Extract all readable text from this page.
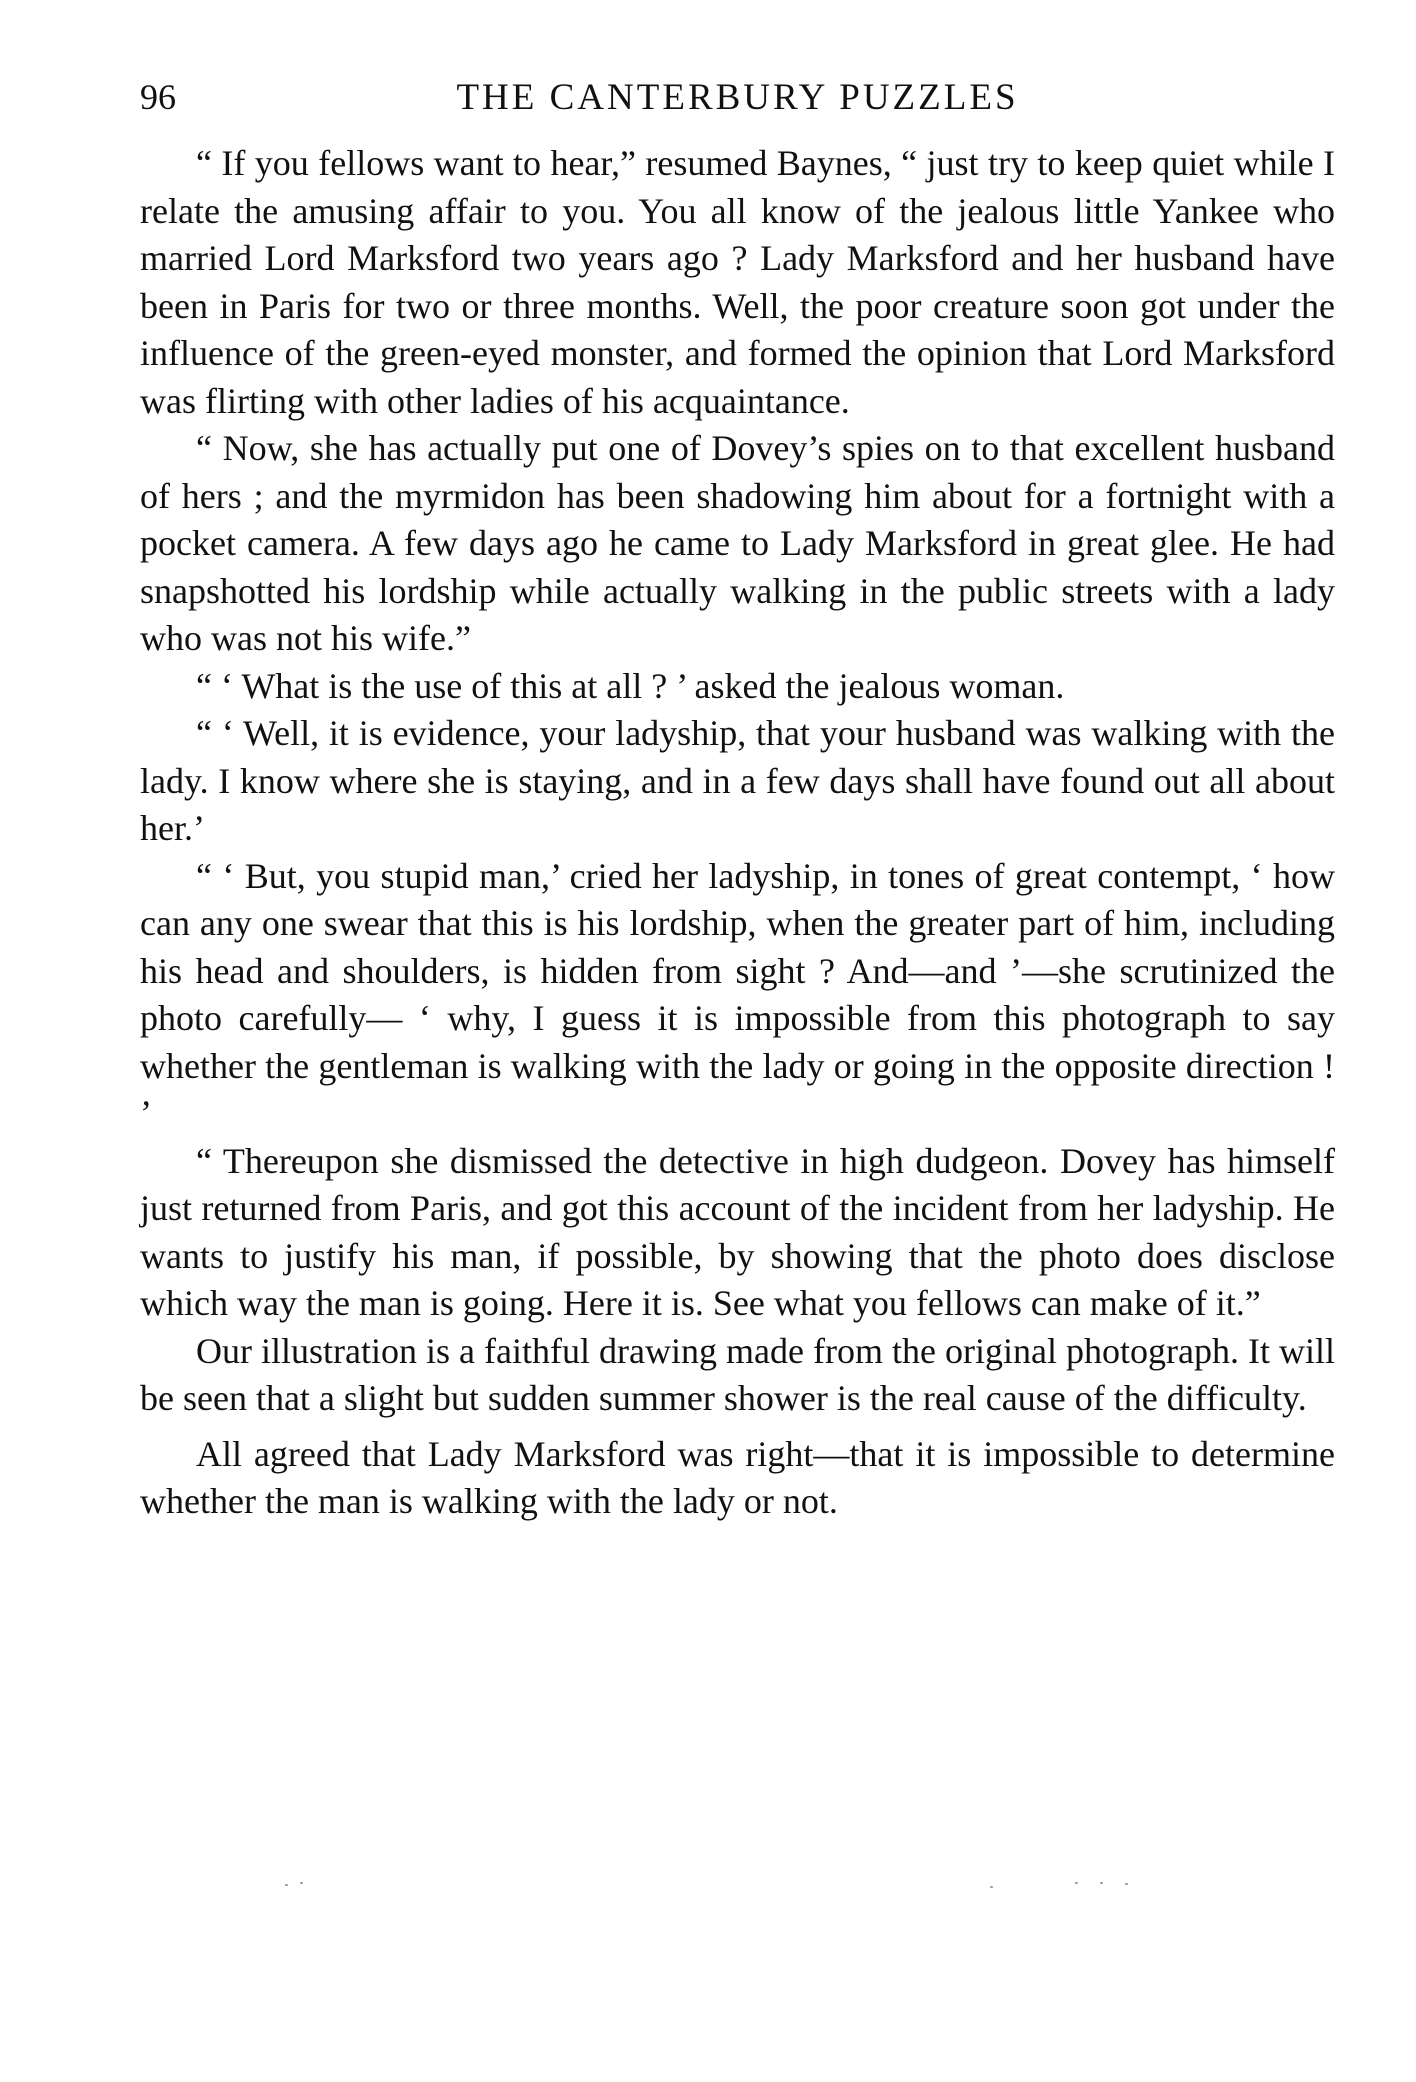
96	THE CANTERBURY PUZZLES

“ If you fellows want to hear,” resumed Baynes, “ just try to keep quiet while I relate the amusing affair to you. You all know of the jealous little Yankee who married Lord Marksford two years ago ? Lady Marksford and her husband have been in Paris for two or three months. Well, the poor creature soon got under the influence of the green-eyed monster, and formed the opinion that Lord Marksford was flirting with other ladies of his acquaintance.

“ Now, she has actually put one of Dovey’s spies on to that excellent husband of hers ; and the myrmidon has been shadowing him about for a fortnight with a pocket camera. A few days ago he came to Lady Marksford in great glee. He had snapshotted his lordship while actually walking in the public streets with a lady who was not his wife.”

“ ‘ What is the use of this at all ? ’ asked the jealous woman.

“ ‘ Well, it is evidence, your ladyship, that your husband was walking with the lady. I know where she is staying, and in a few days shall have found out all about her.’

“ ‘ But, you stupid man,’ cried her ladyship, in tones of great contempt, ‘ how can any one swear that this is his lordship, when the greater part of him, including his head and shoulders, is hidden from sight ? And—and ’—she scrutinized the photo carefully— ‘ why, I guess it is impossible from this photograph to say whether the gentleman is walking with the lady or going in the opposite direction ! ’

“ Thereupon she dismissed the detective in high dudgeon. Dovey has himself just returned from Paris, and got this account of the incident from her ladyship. He wants to justify his man, if possible, by showing that the photo does disclose which way the man is going. Here it is. See what you fellows can make of it.”

Our illustration is a faithful drawing made from the original photograph. It will be seen that a slight but sudden summer shower is the real cause of the difficulty.

All agreed that Lady Marksford was right—that it is impossible to determine whether the man is walking with the lady or not.
